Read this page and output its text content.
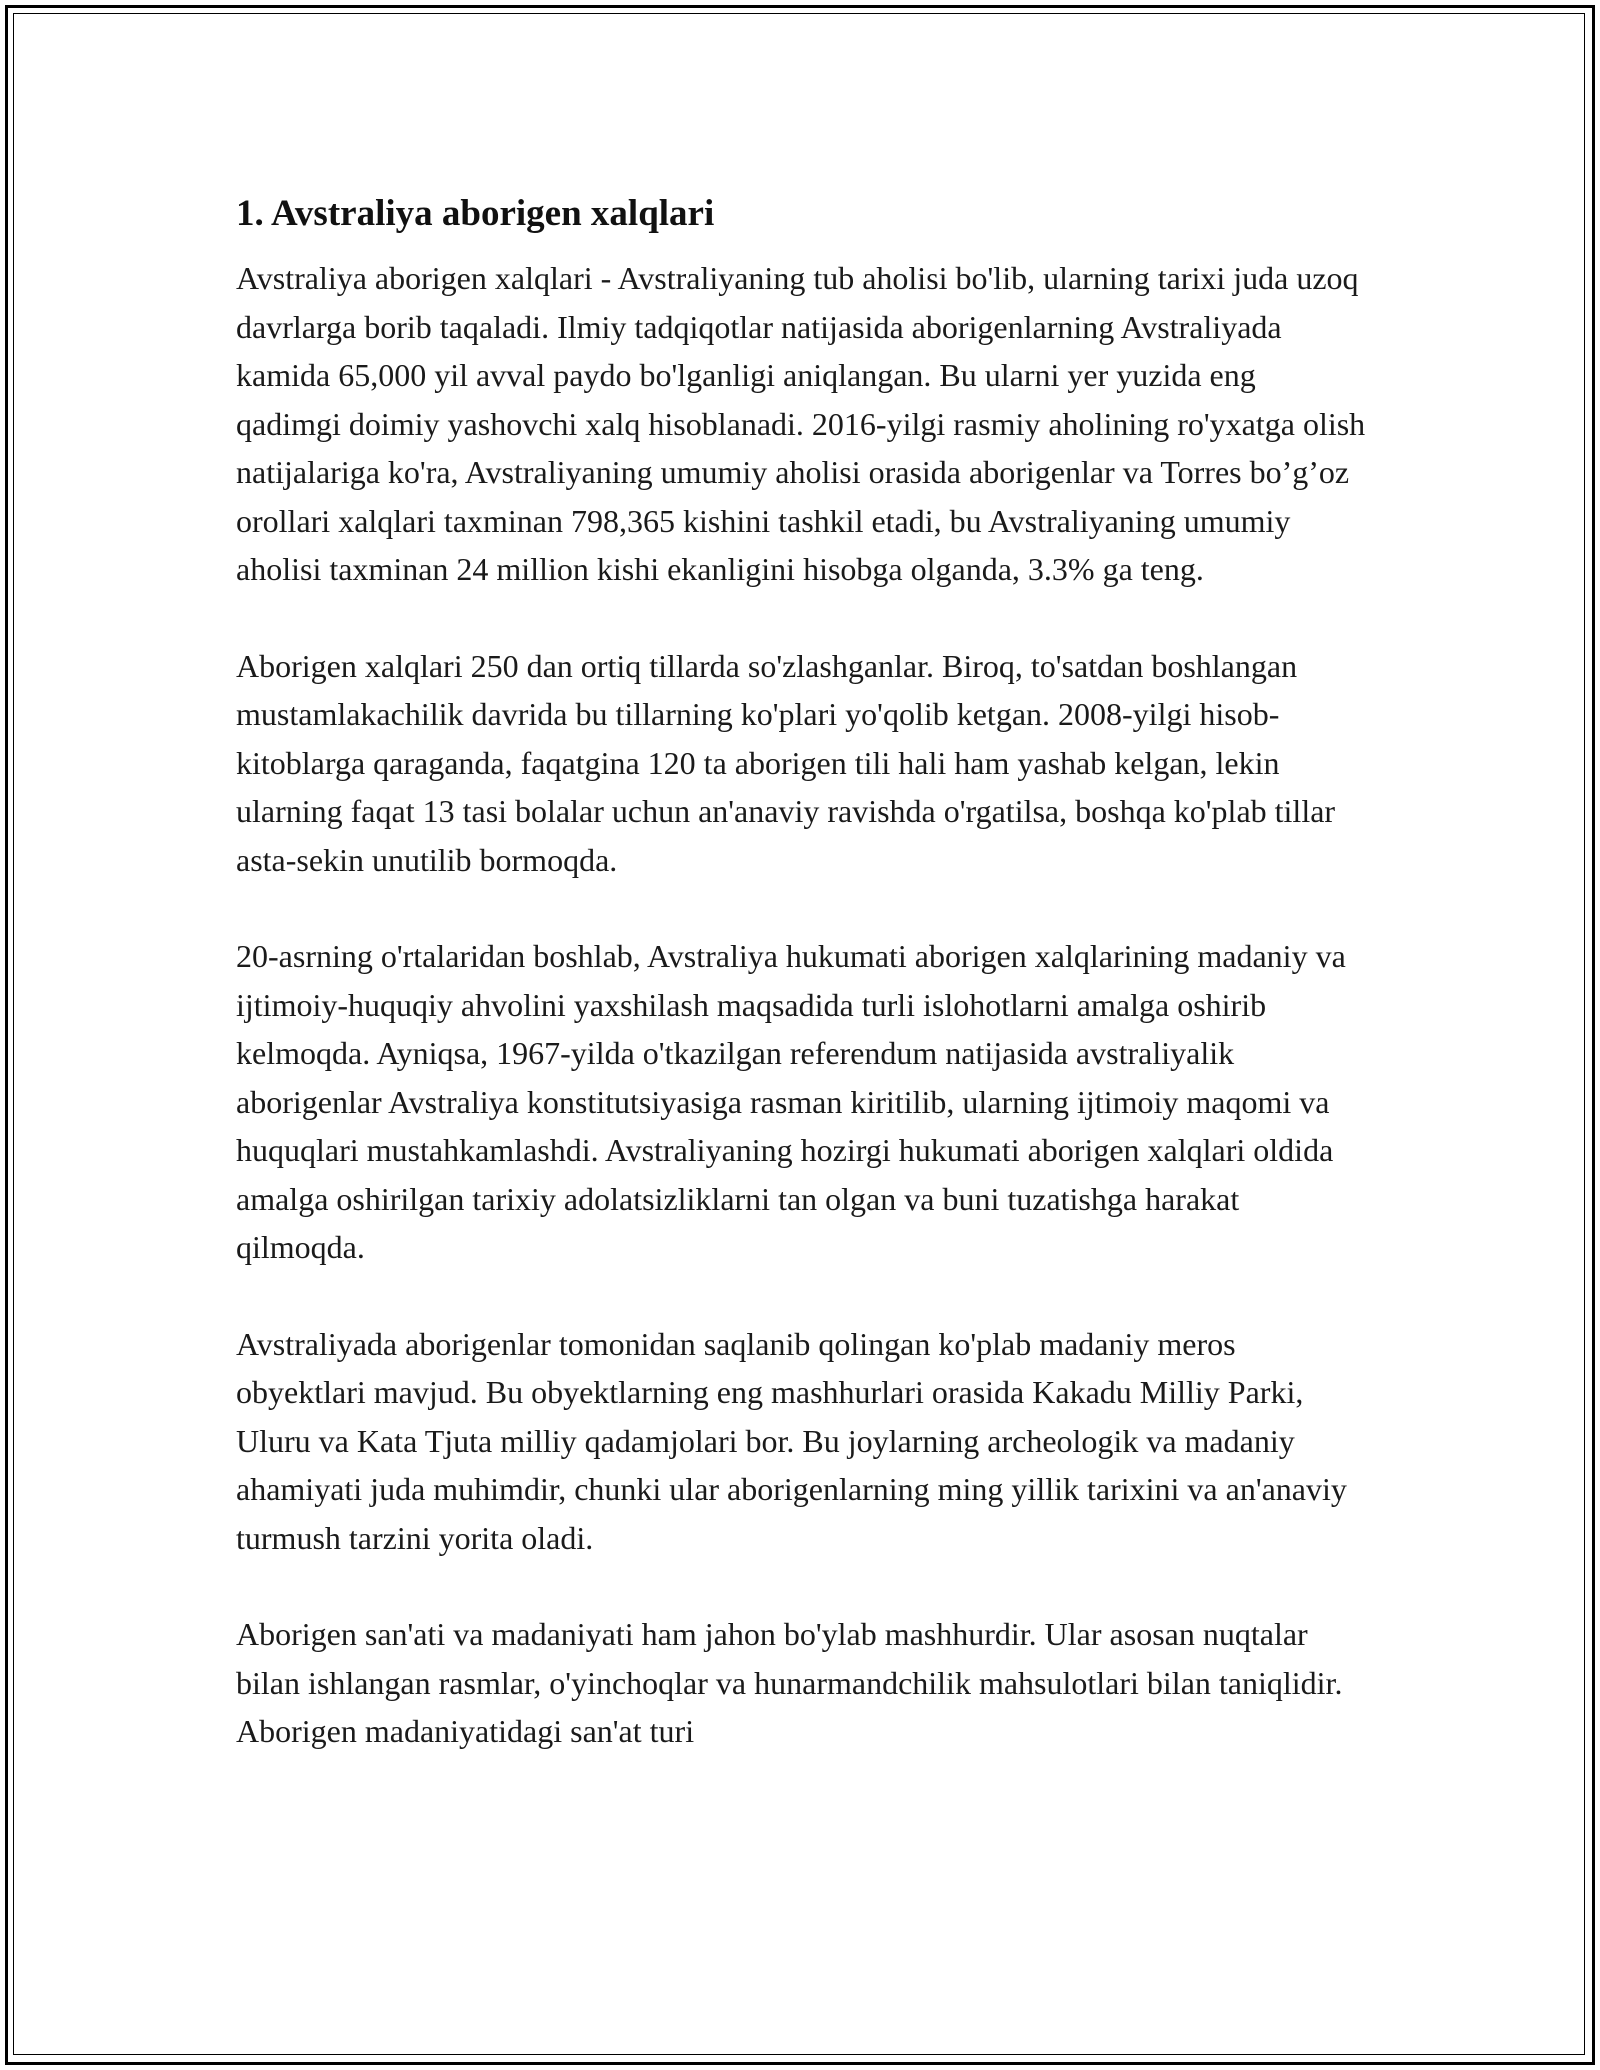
1. Avstraliya aborigen xalqlari

Avstraliya aborigen xalqlari - Avstraliyaning tub aholisi bo'lib, ularning tarixi juda uzoq davrlarga borib taqaladi. Ilmiy tadqiqotlar natijasida aborigenlarning Avstraliyada kamida 65,000 yil avval paydo bo'lganligi aniqlangan. Bu ularni yer yuzida eng qadimgi doimiy yashovchi xalq hisoblanadi. 2016-yilgi rasmiy aholining ro'yxatga olish natijalariga ko'ra, Avstraliyaning umumiy aholisi orasida aborigenlar va Torres bo’g’oz orollari xalqlari taxminan 798,365 kishini tashkil etadi, bu Avstraliyaning umumiy aholisi taxminan 24 million kishi ekanligini hisobga olganda, 3.3% ga teng.

Aborigen xalqlari 250 dan ortiq tillarda so'zlashganlar. Biroq, to'satdan boshlangan mustamlakachilik davrida bu tillarning ko'plari yo'qolib ketgan. 2008-yilgi hisob-kitoblarga qaraganda, faqatgina 120 ta aborigen tili hali ham yashab kelgan, lekin ularning faqat 13 tasi bolalar uchun an'anaviy ravishda o'rgatilsa, boshqa ko'plab tillar asta-sekin unutilib bormoqda.

20-asrning o'rtalaridan boshlab, Avstraliya hukumati aborigen xalqlarining madaniy va ijtimoiy-huquqiy ahvolini yaxshilash maqsadida turli islohotlarni amalga oshirib kelmoqda. Ayniqsa, 1967-yilda o'tkazilgan referendum natijasida avstraliyalik aborigenlar Avstraliya konstitutsiyasiga rasman kiritilib, ularning ijtimoiy maqomi va huquqlari mustahkamlashdi. Avstraliyaning hozirgi hukumati aborigen xalqlari oldida amalga oshirilgan tarixiy adolatsizliklarni tan olgan va buni tuzatishga harakat qilmoqda.

Avstraliyada aborigenlar tomonidan saqlanib qolingan ko'plab madaniy meros obyektlari mavjud. Bu obyektlarning eng mashhurlari orasida Kakadu Milliy Parki, Uluru va Kata Tjuta milliy qadamjolari bor. Bu joylarning archeologik va madaniy ahamiyati juda muhimdir, chunki ular aborigenlarning ming yillik tarixini va an'anaviy turmush tarzini yorita oladi.

Aborigen san'ati va madaniyati ham jahon bo'ylab mashhurdir. Ular asosan nuqtalar bilan ishlangan rasmlar, o'yinchoqlar va hunarmandchilik mahsulotlari bilan taniqlidir. Aborigen madaniyatidagi san'at turi
